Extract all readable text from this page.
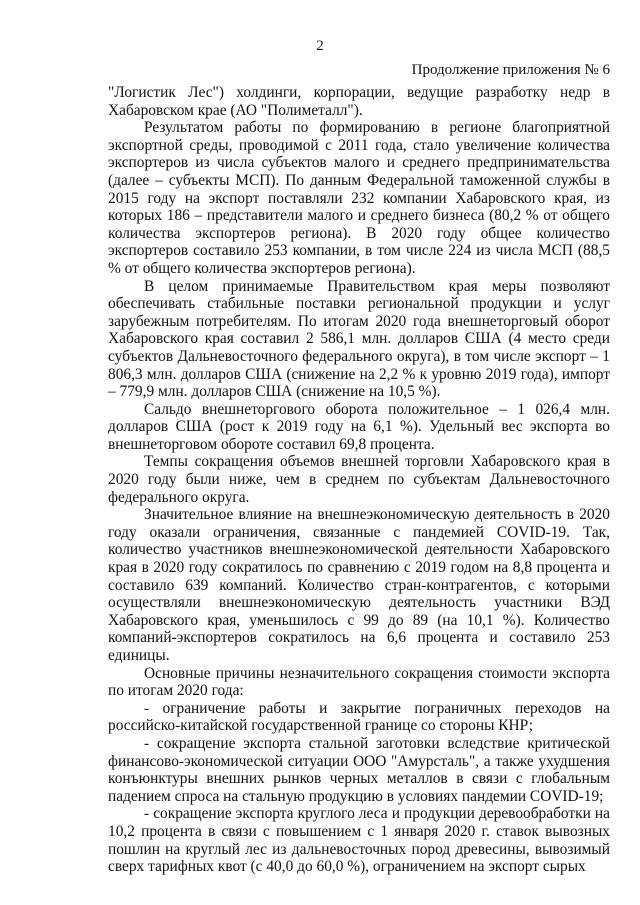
2
Продолжение приложения № 6

"Логистик Лес") холдинги, корпорации, ведущие разработку недр в Хабаровском крае (АО "Полиметалл").

Результатом работы по формированию в регионе благоприятной экспортной среды, проводимой с 2011 года, стало увеличение количества экспортеров из числа субъектов малого и среднего предпринимательства (далее – субъекты МСП). По данным Федеральной таможенной службы в 2015 году на экспорт поставляли 232 компании Хабаровского края, из которых 186 – представители малого и среднего бизнеса (80,2 % от общего количества экспортеров региона). В 2020 году общее количество экспортеров составило 253 компании, в том числе 224 из числа МСП (88,5 % от общего количества экспортеров региона).

В целом принимаемые Правительством края меры позволяют обеспечивать стабильные поставки региональной продукции и услуг зарубежным потребителям. По итогам 2020 года внешнеторговый оборот Хабаровского края составил 2 586,1 млн. долларов США (4 место среди субъектов Дальневосточного федерального округа), в том числе экспорт – 1 806,3 млн. долларов США (снижение на 2,2 % к уровню 2019 года), импорт – 779,9 млн. долларов США (снижение на 10,5 %).

Сальдо внешнеторгового оборота положительное – 1 026,4 млн. долларов США (рост к 2019 году на 6,1 %). Удельный вес экспорта во внешнеторговом обороте составил 69,8 процента.

Темпы сокращения объемов внешней торговли Хабаровского края в 2020 году были ниже, чем в среднем по субъектам Дальневосточного федерального округа.

Значительное влияние на внешнеэкономическую деятельность в 2020 году оказали ограничения, связанные с пандемией COVID-19. Так, количество участников внешнеэкономической деятельности Хабаровского края в 2020 году сократилось по сравнению с 2019 годом на 8,8 процента и составило 639 компаний. Количество стран-контрагентов, с которыми осуществляли внешнеэкономическую деятельность участники ВЭД Хабаровского края, уменьшилось с 99 до 89 (на 10,1 %). Количество компаний-экспортеров сократилось на 6,6 процента и составило 253 единицы.

Основные причины незначительного сокращения стоимости экспорта по итогам 2020 года:

- ограничение работы и закрытие пограничных переходов на российско-китайской государственной границе со стороны КНР;

- сокращение экспорта стальной заготовки вследствие критической финансово-экономической ситуации ООО "Амурсталь", а также ухудшения конъюнктуры внешних рынков черных металлов в связи с глобальным падением спроса на стальную продукцию в условиях пандемии COVID-19;

- сокращение экспорта круглого леса и продукции деревообработки на 10,2 процента в связи с повышением с 1 января 2020 г. ставок вывозных пошлин на круглый лес из дальневосточных пород древесины, вывозимый сверх тарифных квот (с 40,0 до 60,0 %), ограничением на экспорт сырых
